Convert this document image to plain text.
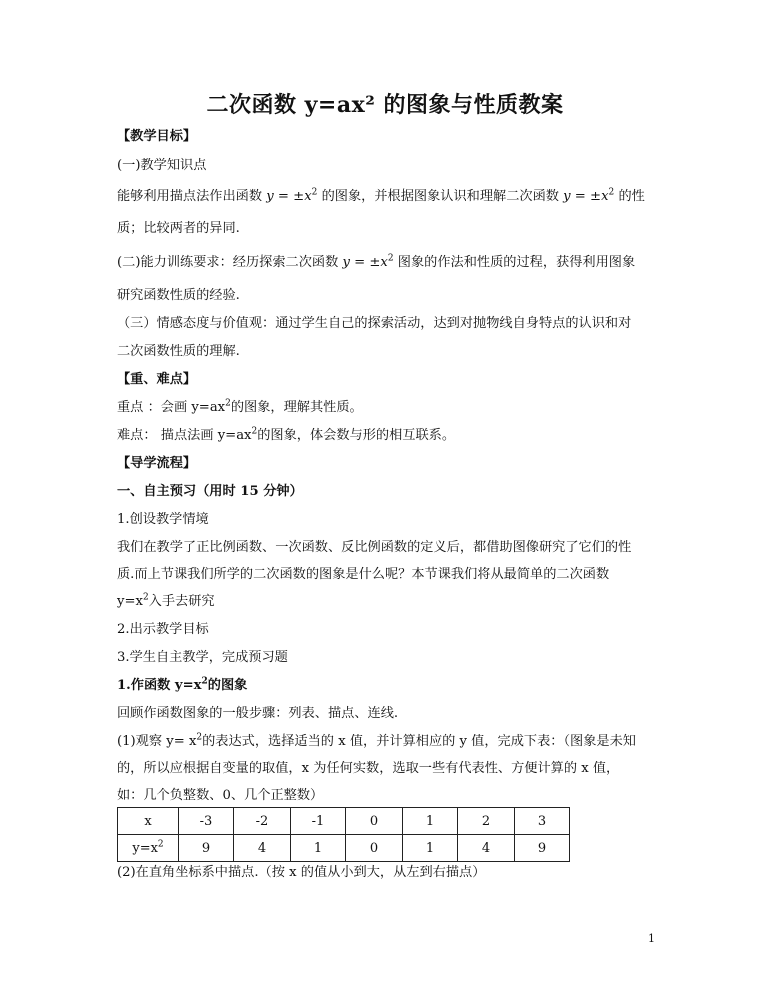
二次函数 y=ax² 的图象与性质教案
【教学目标】
(一)教学知识点
能够利用描点法作出函数 $y = \pm x^2$ 的图象，并根据图象认识和理解二次函数 $y = \pm x^2$ 的性
质；比较两者的异同.
(二)能力训练要求：经历探索二次函数 $y = \pm x^2$ 图象的作法和性质的过程，获得利用图象
研究函数性质的经验.
（三）情感态度与价值观：通过学生自己的探索活动，达到对抛物线自身特点的认识和对
二次函数性质的理解.
【重、难点】
重点 ：会画 $y=ax^2$的图象，理解其性质。
难点： 描点法画 $y=ax^2$的图象，体会数与形的相互联系。
【导学流程】
一、自主预习（用时 15 分钟）
1.创设教学情境
我们在教学了正比例函数、一次函数、反比例函数的定义后，都借助图像研究了它们的性
质.而上节课我们所学的二次函数的图象是什么呢？本节课我们将从最简单的二次函数
$y=x^2$入手去研究
2.出示教学目标
3.学生自主教学，完成预习题
1.作函数 $y=x^2$的图象
回顾作函数图象的一般步骤：列表、描点、连线.
(1)观察 $y= x^2$的表达式，选择适当的 x 值，并计算相应的 y 值，完成下表：（图象是未知
的，所以应根据自变量的取值，x 为任何实数，选取一些有代表性、方便计算的 x 值，
如：几个负整数、0、几个正整数）
x	-3	-2	-1	0	1	2	3
$y=x^2$	9	4	1	0	1	4	9
(2)在直角坐标系中描点.（按 x 的值从小到大，从左到右描点）
1
